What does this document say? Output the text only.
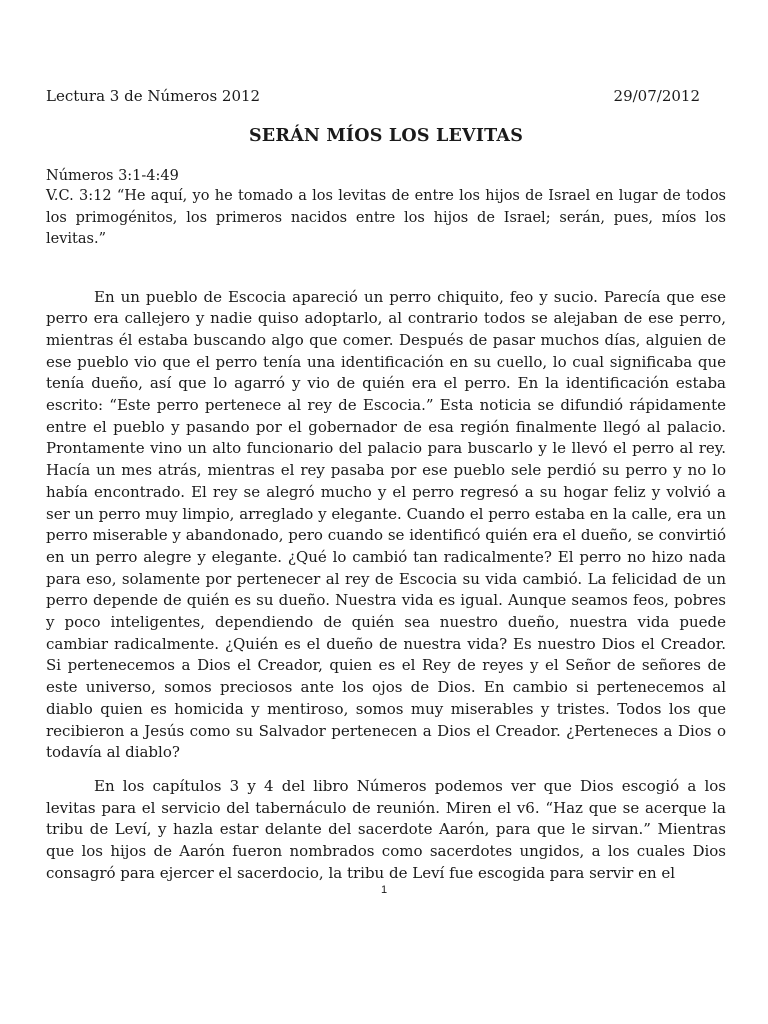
Lectura 3 de Números 2012	29/07/2012
SERÁN MÍOS LOS LEVITAS
Números 3:1-4:49
V.C. 3:12 “He aquí, yo he tomado a los levitas de entre los hijos de Israel en lugar de todos los primogénitos, los primeros nacidos entre los hijos de Israel; serán, pues, míos los levitas.”

En un pueblo de Escocia apareció un perro chiquito, feo y sucio. Parecía que ese perro era callejero y nadie quiso adoptarlo, al contrario todos se alejaban de ese perro, mientras él estaba buscando algo que comer. Después de pasar muchos días, alguien de ese pueblo vio que el perro tenía una identificación en su cuello, lo cual significaba que tenía dueño, así que lo agarró y vio de quién era el perro. En la identificación estaba escrito: “Este perro pertenece al rey de Escocia.” Esta noticia se difundió rápidamente entre el pueblo y pasando por el gobernador de esa región finalmente llegó al palacio. Prontamente vino un alto funcionario del palacio para buscarlo y le llevó el perro al rey. Hacía un mes atrás, mientras el rey pasaba por ese pueblo sele perdió su perro y no lo había encontrado. El rey se alegró mucho y el perro regresó a su hogar feliz y volvió a ser un perro muy limpio, arreglado y elegante. Cuando el perro estaba en la calle, era un perro miserable y abandonado, pero cuando se identificó quién era el dueño, se convirtió en un perro alegre y elegante. ¿Qué lo cambió tan radicalmente? El perro no hizo nada para eso, solamente por pertenecer al rey de Escocia su vida cambió. La felicidad de un perro depende de quién es su dueño. Nuestra vida es igual. Aunque seamos feos, pobres y poco inteligentes, dependiendo de quién sea nuestro dueño, nuestra vida puede cambiar radicalmente. ¿Quién es el dueño de nuestra vida? Es nuestro Dios el Creador. Si pertenecemos a Dios el Creador, quien es el Rey de reyes y el Señor de señores de este universo, somos preciosos ante los ojos de Dios. En cambio si pertenecemos al diablo quien es homicida y mentiroso, somos muy miserables y tristes. Todos los que recibieron a Jesús como su Salvador pertenecen a Dios el Creador. ¿Perteneces a Dios o todavía al diablo?

En los capítulos 3 y 4 del libro Números podemos ver que Dios escogió a los levitas para el servicio del tabernáculo de reunión. Miren el v6. “Haz que se acerque la tribu de Leví, y hazla estar delante del sacerdote Aarón, para que le sirvan.” Mientras que los hijos de Aarón fueron nombrados como sacerdotes ungidos, a los cuales Dios consagró para ejercer el sacerdocio, la tribu de Leví fue escogida para servir en el

1
